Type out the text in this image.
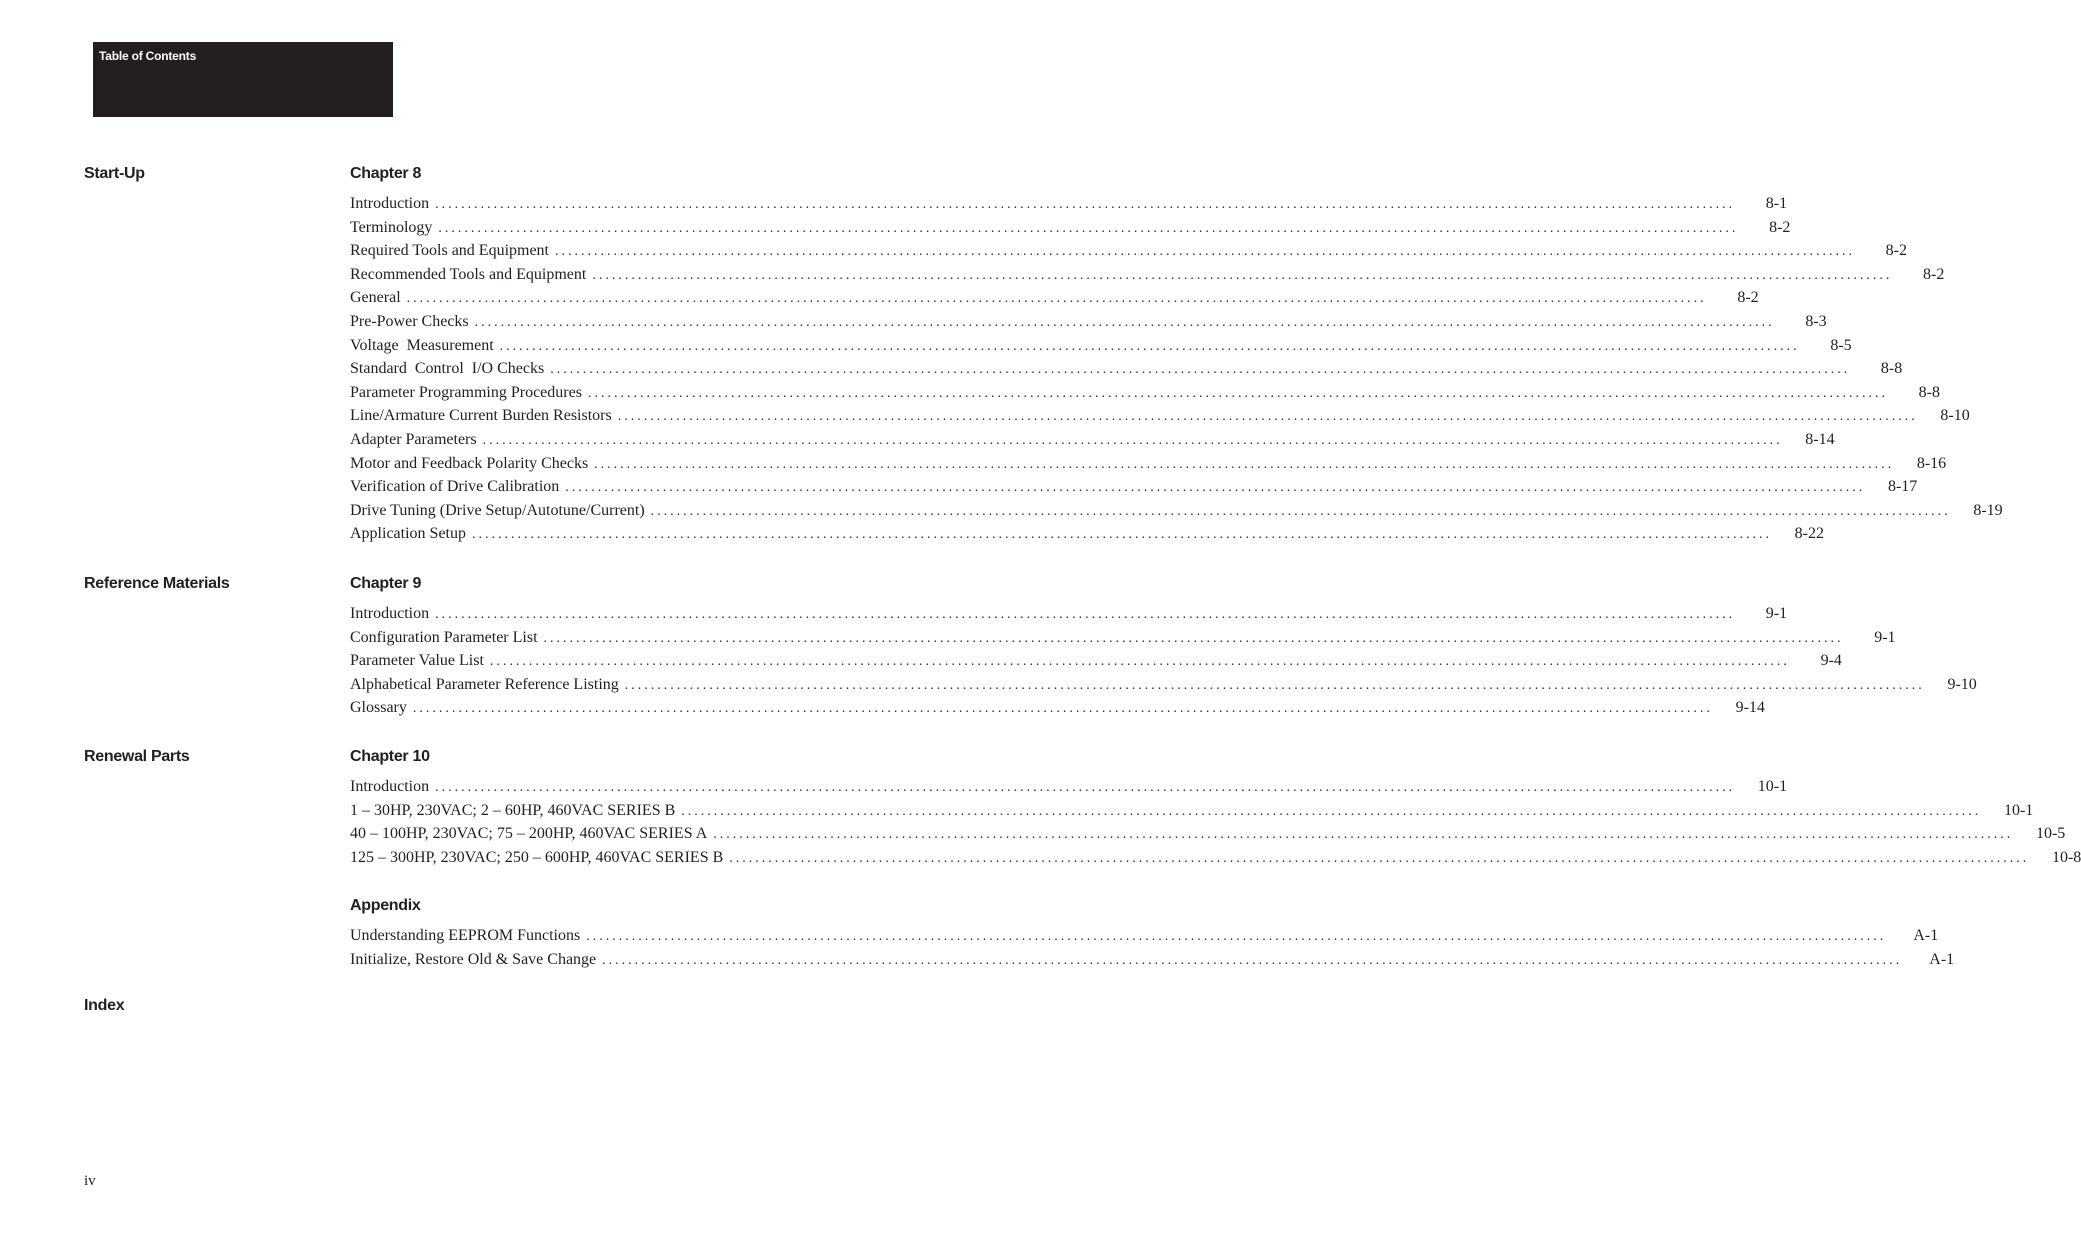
Table of Contents
Start-Up	Chapter 8
Introduction ........................................................................................................................................................................................................	8-1
Terminology ........................................................................................................................................................................................................	8-2
Required Tools and Equipment ........................................................................................................................................................................................................	8-2
Recommended Tools and Equipment ........................................................................................................................................................................................................	8-2
General ........................................................................................................................................................................................................	8-2
Pre-Power Checks ........................................................................................................................................................................................................	8-3
Voltage  Measurement ........................................................................................................................................................................................................	8-5
Standard  Control  I/O Checks ........................................................................................................................................................................................................	8-8
Parameter Programming Procedures ........................................................................................................................................................................................................	8-8
Line/Armature Current Burden Resistors ........................................................................................................................................................................................................	8-10
Adapter Parameters ........................................................................................................................................................................................................	8-14
Motor and Feedback Polarity Checks ........................................................................................................................................................................................................	8-16
Verification of Drive Calibration ........................................................................................................................................................................................................	8-17
Drive Tuning (Drive Setup/Autotune/Current) ........................................................................................................................................................................................................	8-19
Application Setup ........................................................................................................................................................................................................	8-22
Reference Materials	Chapter 9
Introduction ........................................................................................................................................................................................................	9-1
Configuration Parameter List ........................................................................................................................................................................................................	9-1
Parameter Value List ........................................................................................................................................................................................................	9-4
Alphabetical Parameter Reference Listing ........................................................................................................................................................................................................	9-10
Glossary ........................................................................................................................................................................................................	9-14
Renewal Parts	Chapter 10
Introduction ........................................................................................................................................................................................................	10-1
1 – 30HP, 230VAC; 2 – 60HP, 460VAC SERIES B ........................................................................................................................................................................................................	10-1
40 – 100HP, 230VAC; 75 – 200HP, 460VAC SERIES A ........................................................................................................................................................................................................	10-5
125 – 300HP, 230VAC; 250 – 600HP, 460VAC SERIES B ........................................................................................................................................................................................................	10-8
Appendix
Understanding EEPROM Functions ........................................................................................................................................................................................................	A-1
Initialize, Restore Old & Save Change ........................................................................................................................................................................................................	A-1
Index
iv
